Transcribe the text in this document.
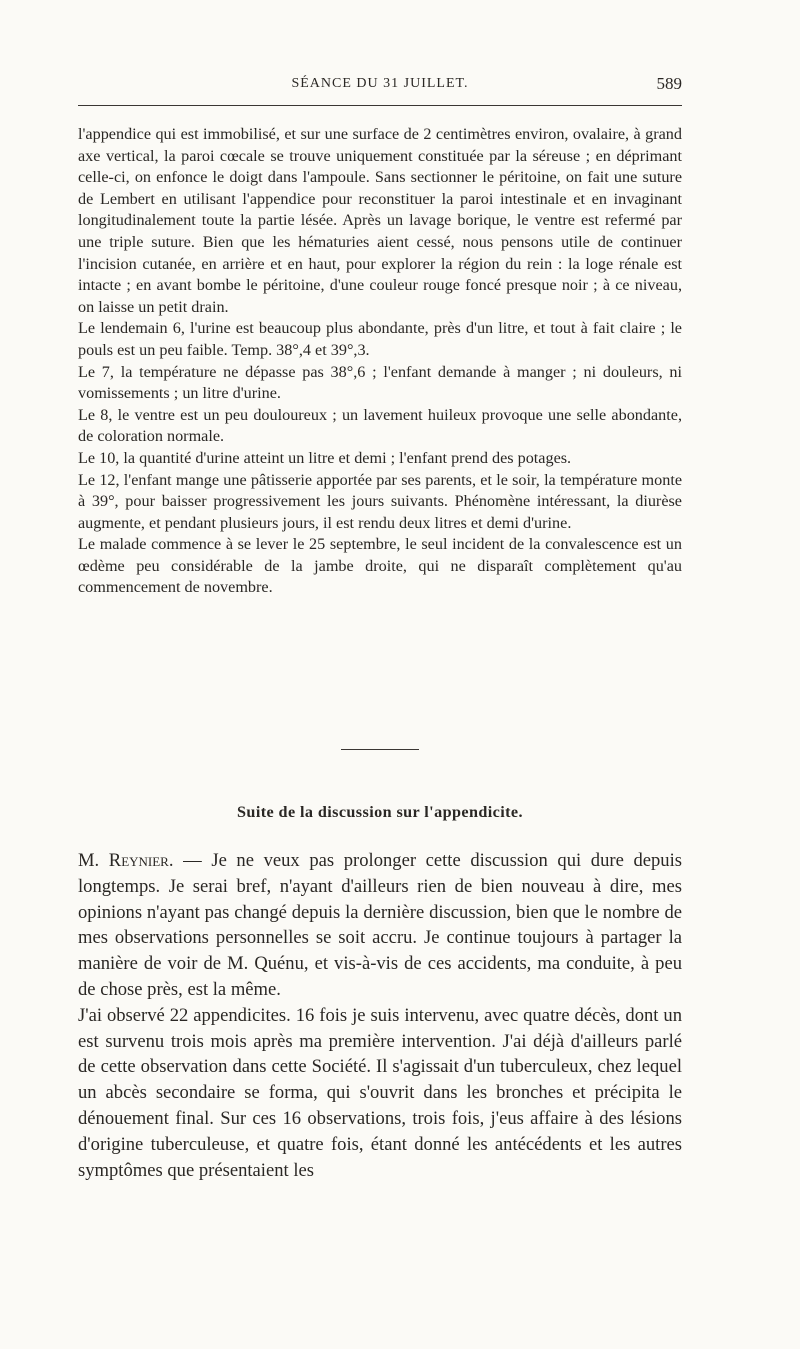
SÉANCE DU 31 JUILLET.	589

l'appendice qui est immobilisé, et sur une surface de 2 centimètres environ, ovalaire, à grand axe vertical, la paroi cœcale se trouve uniquement constituée par la séreuse ; en déprimant celle-ci, on enfonce le doigt dans l'ampoule. Sans sectionner le péritoine, on fait une suture de Lembert en utilisant l'appendice pour reconstituer la paroi intestinale et en invaginant longitudinalement toute la partie lésée. Après un lavage borique, le ventre est refermé par une triple suture. Bien que les hématuries aient cessé, nous pensons utile de continuer l'incision cutanée, en arrière et en haut, pour explorer la région du rein : la loge rénale est intacte ; en avant bombe le péritoine, d'une couleur rouge foncé presque noir ; à ce niveau, on laisse un petit drain.

Le lendemain 6, l'urine est beaucoup plus abondante, près d'un litre, et tout à fait claire ; le pouls est un peu faible. Temp. 38°,4 et 39°,3.

Le 7, la température ne dépasse pas 38°,6 ; l'enfant demande à manger ; ni douleurs, ni vomissements ; un litre d'urine.

Le 8, le ventre est un peu douloureux ; un lavement huileux provoque une selle abondante, de coloration normale.

Le 10, la quantité d'urine atteint un litre et demi ; l'enfant prend des potages.

Le 12, l'enfant mange une pâtisserie apportée par ses parents, et le soir, la température monte à 39°, pour baisser progressivement les jours suivants. Phénomène intéressant, la diurèse augmente, et pendant plusieurs jours, il est rendu deux litres et demi d'urine.

Le malade commence à se lever le 25 septembre, le seul incident de la convalescence est un œdème peu considérable de la jambe droite, qui ne disparaît complètement qu'au commencement de novembre.

Suite de la discussion sur l'appendicite.

M. Reynier. — Je ne veux pas prolonger cette discussion qui dure depuis longtemps. Je serai bref, n'ayant d'ailleurs rien de bien nouveau à dire, mes opinions n'ayant pas changé depuis la dernière discussion, bien que le nombre de mes observations personnelles se soit accru. Je continue toujours à partager la manière de voir de M. Quénu, et vis-à-vis de ces accidents, ma conduite, à peu de chose près, est la même.

J'ai observé 22 appendicites. 16 fois je suis intervenu, avec quatre décès, dont un est survenu trois mois après ma première intervention. J'ai déjà d'ailleurs parlé de cette observation dans cette Société. Il s'agissait d'un tuberculeux, chez lequel un abcès secondaire se forma, qui s'ouvrit dans les bronches et précipita le dénouement final. Sur ces 16 observations, trois fois, j'eus affaire à des lésions d'origine tuberculeuse, et quatre fois, étant donné les antécédents et les autres symptômes que présentaient les
